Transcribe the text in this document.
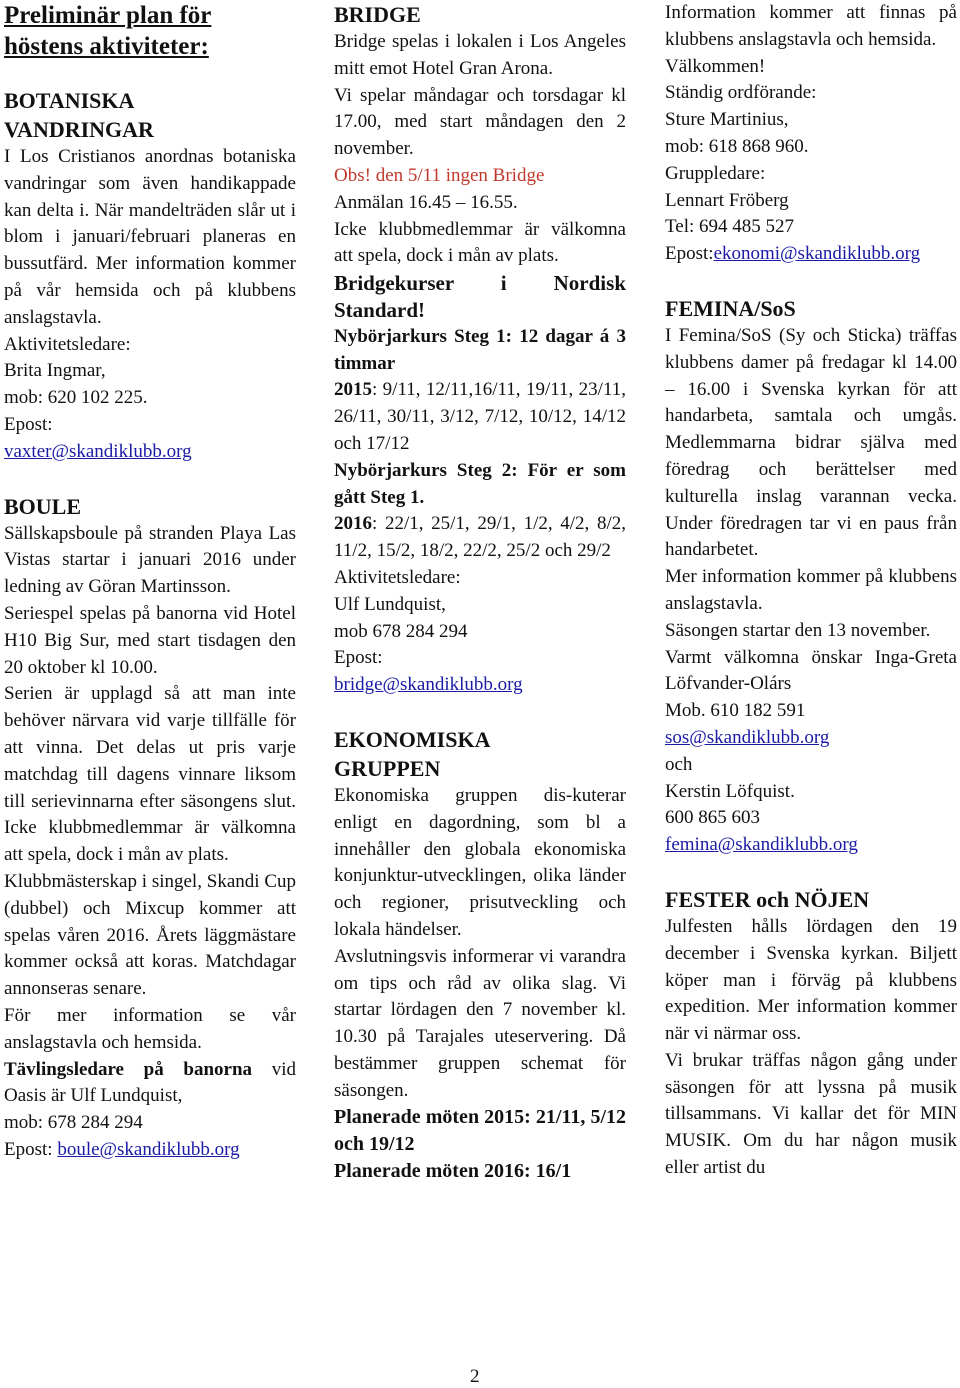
Preliminär plan för
höstens aktiviteter:
BOTANISKA
VANDRINGAR

I Los Cristianos anordnas botaniska vandringar som även handikappade kan delta i. När mandelträden slår ut i blom i januari/februari planeras en bussutfärd. Mer information kommer på vår hemsida och på klubbens anslagstavla.

Aktivitetsledare:

Brita Ingmar,

mob: 620 102 225.

Epost:

vaxter@skandiklubb.org

BOULE

Sällskapsboule på stranden Playa Las Vistas startar i januari 2016 under ledning av Göran Martinsson.

Seriespel spelas på banorna vid Hotel H10 Big Sur, med start tisdagen den 20 oktober kl 10.00.

Serien är upplagd så att man inte behöver närvara vid varje tillfälle för att vinna. Det delas ut pris varje matchdag till dagens vinnare liksom till serievinnarna efter säsongens slut. Icke klubbmedlemmar är välkomna att spela, dock i mån av plats.

Klubbmästerskap i singel, Skandi Cup (dubbel) och Mixcup kommer att spelas våren 2016. Årets läggmästare kommer också att koras. Matchdagar annonseras senare.

För mer information se vår anslagstavla och hemsida.

Tävlingsledare på banorna vid Oasis är Ulf Lundquist,

mob: 678 284 294

Epost: boule@skandiklubb.org

BRIDGE

Bridge spelas i lokalen i Los Angeles mitt emot Hotel Gran Arona.

Vi spelar måndagar och torsdagar kl 17.00, med start måndagen den 2 november.

Obs! den 5/11 ingen Bridge

Anmälan 16.45 – 16.55.

Icke klubbmedlemmar är välkomna att spela, dock i mån av plats.

Bridgekurser i Nordisk Standard!

Nybörjarkurs Steg 1: 12 dagar á 3 timmar

2015: 9/11, 12/11,16/11, 19/11, 23/11, 26/11, 30/11, 3/12, 7/12, 10/12, 14/12 och 17/12

Nybörjarkurs Steg 2: För er som gått Steg 1.

2016: 22/1, 25/1, 29/1, 1/2, 4/2, 8/2, 11/2, 15/2, 18/2, 22/2, 25/2 och 29/2

Aktivitetsledare:

Ulf Lundquist,

mob 678 284 294

Epost:

bridge@skandiklubb.org

EKONOMISKA
GRUPPEN

Ekonomiska gruppen dis-kuterar enligt en dagordning, som bl a innehåller den globala ekonomiska konjunktur-utvecklingen, olika länder och regioner, prisutveckling och lokala händelser.

Avslutningsvis informerar vi varandra om tips och råd av olika slag. Vi startar lördagen den 7 november kl. 10.30 på Tarajales uteservering. Då bestämmer gruppen schemat för säsongen.

Planerade möten 2015: 21/11, 5/12 och 19/12

Planerade möten 2016: 16/1

Information kommer att finnas på klubbens anslagstavla och hemsida.

Välkommen!

Ständig ordförande:

Sture Martinius,

mob: 618 868 960.

Gruppledare:

Lennart Fröberg

Tel: 694 485 527

Epost:ekonomi@skandiklubb.org

FEMINA/SoS

I Femina/SoS (Sy och Sticka) träffas klubbens damer på fredagar kl 14.00 – 16.00 i Svenska kyrkan för att handarbeta, samtala och umgås. Medlemmarna bidrar själva med föredrag och berättelser med kulturella inslag varannan vecka. Under föredragen tar vi en paus från handarbetet.

Mer information kommer på klubbens anslagstavla.

Säsongen startar den 13 november.

Varmt välkomna önskar Inga-Greta Löfvander-Olárs

Mob. 610 182 591

sos@skandiklubb.org

och

Kerstin Löfquist.

600 865 603

femina@skandiklubb.org

FESTER och NÖJEN

Julfesten hålls lördagen den 19 december i Svenska kyrkan. Biljett köper man i förväg på klubbens expedition. Mer information kommer när vi närmar oss.

Vi brukar träffas någon gång under säsongen för att lyssna på musik tillsammans. Vi kallar det för MIN MUSIK. Om du har någon musik eller artist du

2
